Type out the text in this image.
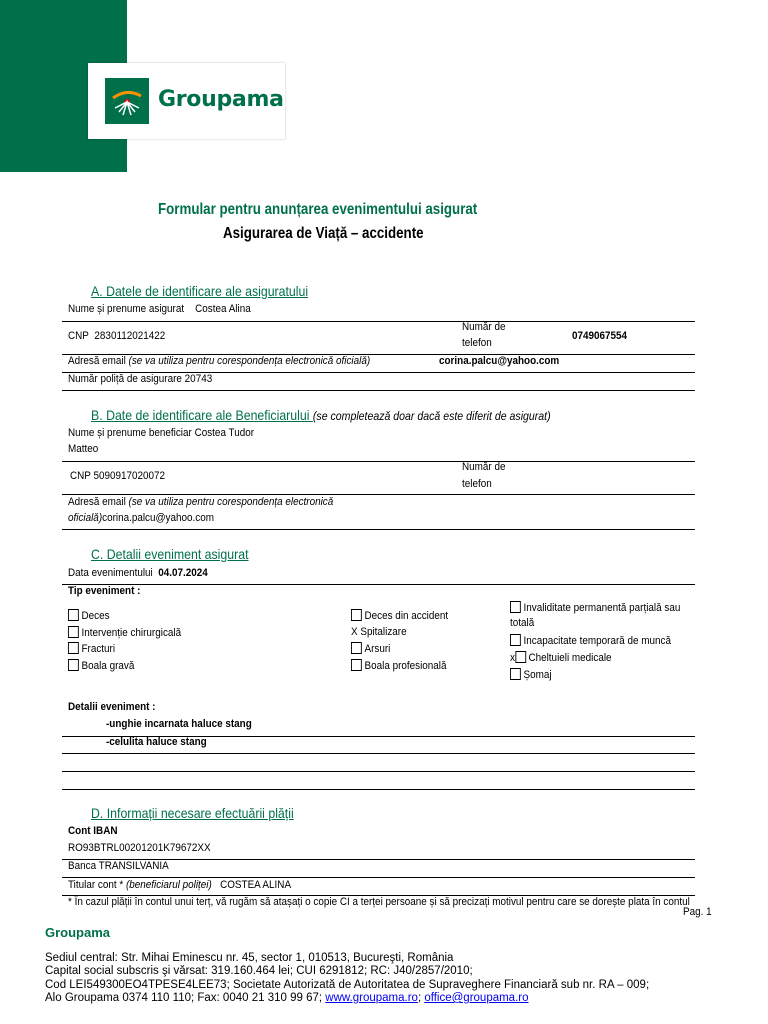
Groupama
Formular pentru anunțarea evenimentului asigurat
Asigurarea de Viață – accidente
A. Datele de identificare ale asiguratului
Nume și prenume asigurat Costea Alina
CNP 2830112021422
Număr de
telefon
0749067554
Adresă email (se va utiliza pentru corespondența electronică oficială)	corina.palcu@yahoo.com
Număr poliță de asigurare 20743
B. Date de identificare ale Beneficiarului (se completează doar dacă este diferit de asigurat)
Nume și prenume beneficiar Costea Tudor
Matteo
CNP 5090917020072
Număr de
telefon
Adresă email (se va utiliza pentru corespondența electronică
oficială)corina.palcu@yahoo.com
C. Detalii eveniment asigurat
Data evenimentului 04.07.2024
Tip eveniment :
Deces
Intervenție chirurgicală
Fracturi
Boala gravă
Deces din accident
X Spitalizare
Arsuri
Boala profesională
Invaliditate permanentă parțială sau
totală
Incapacitate temporară de muncă
x Cheltuieli medicale
Șomaj
Detalii eveniment :
-unghie incarnata haluce stang
-celulita haluce stang
D. Informații necesare efectuării plății
Cont IBAN
RO93BTRL00201201K79672XX
Banca TRANSILVANIA
Titular cont * (beneficiarul poliței) COSTEA ALINA
* În cazul plății în contul unui terț, vă rugăm să atașați o copie CI a terței persoane și să precizați motivul pentru care se dorește plata în contul
Pag. 1
Groupama
Sediul central: Str. Mihai Eminescu nr. 45, sector 1, 010513, Bucureşti, România
Capital social subscris şi vărsat: 319.160.464 lei; CUI 6291812; RC: J40/2857/2010;
Cod LEI549300EO4TPESE4LEE73; Societate Autorizată de Autoritatea de Supraveghere Financiară sub nr. RA – 009;
Alo Groupama 0374 110 110; Fax: 0040 21 310 99 67; www.groupama.ro; office@groupama.ro
